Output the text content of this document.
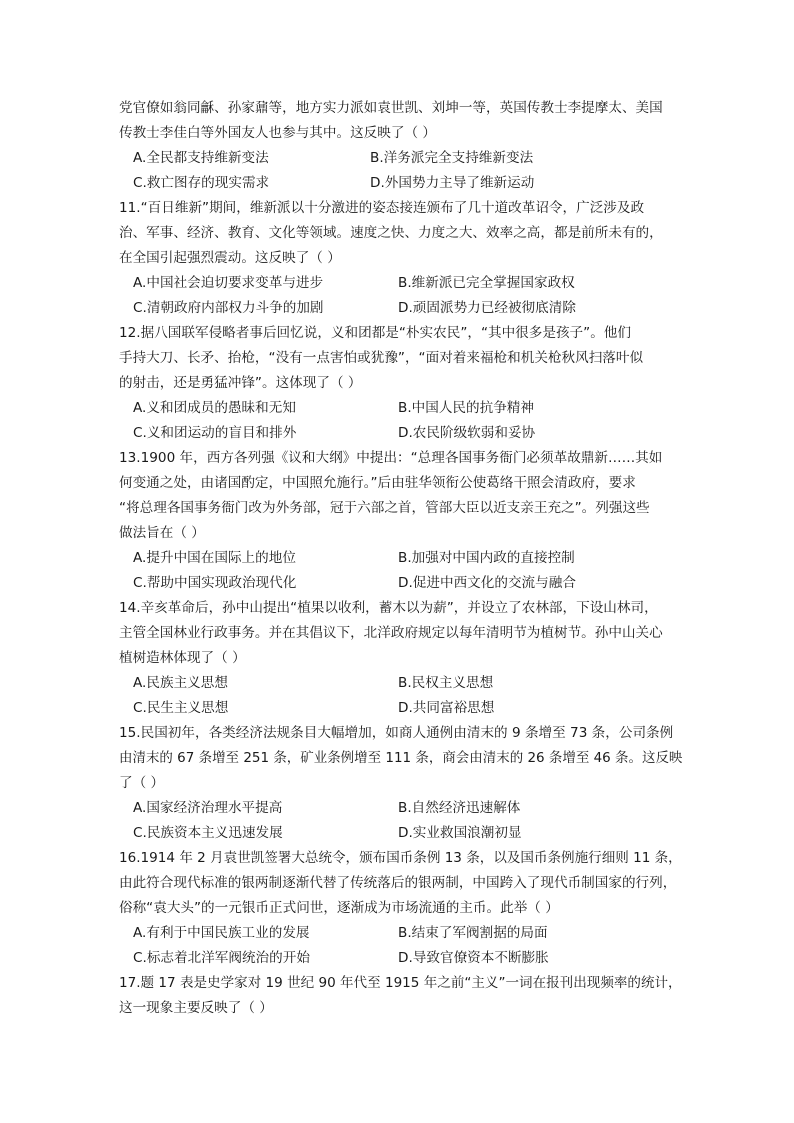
党官僚如翁同龢、孙家鼐等，地方实力派如袁世凯、刘坤一等，英国传教士李提摩太、美国
传教士李佳白等外国友人也参与其中。这反映了（ ）
A.全民都支持维新变法	B.洋务派完全支持维新变法
C.救亡图存的现实需求	D.外国势力主导了维新运动
11.“百日维新”期间，维新派以十分激进的姿态接连颁布了几十道改革诏令，广泛涉及政
治、军事、经济、教育、文化等领域。速度之快、力度之大、效率之高，都是前所未有的，
在全国引起强烈震动。这反映了（ ）
A.中国社会迫切要求变革与进步	B.维新派已完全掌握国家政权
C.清朝政府内部权力斗争的加剧	D.顽固派势力已经被彻底清除
12.据八国联军侵略者事后回忆说，义和团都是“朴实农民”，“其中很多是孩子”。他们
手持大刀、长矛、抬枪，“没有一点害怕或犹豫”，“面对着来福枪和机关枪秋风扫落叶似
的射击，还是勇猛冲锋”。这体现了（ ）
A.义和团成员的愚昧和无知	B.中国人民的抗争精神
C.义和团运动的盲目和排外	D.农民阶级软弱和妥协
13.1900 年，西方各列强《议和大纲》中提出：“总理各国事务衙门必须革故鼎新……其如
何变通之处，由诸国酌定，中国照允施行。”后由驻华领衔公使葛络干照会清政府，要求
“将总理各国事务衙门改为外务部，冠于六部之首，管部大臣以近支亲王充之”。列强这些
做法旨在（ ）
A.提升中国在国际上的地位	B.加强对中国内政的直接控制
C.帮助中国实现政治现代化	D.促进中西文化的交流与融合
14.辛亥革命后，孙中山提出“植果以收利，蓄木以为薪”，并设立了农林部，下设山林司，
主管全国林业行政事务。并在其倡议下，北洋政府规定以每年清明节为植树节。孙中山关心
植树造林体现了（ ）
A.民族主义思想	B.民权主义思想
C.民生主义思想	D.共同富裕思想
15.民国初年，各类经济法规条目大幅增加，如商人通例由清末的 9 条增至 73 条，公司条例
由清末的 67 条增至 251 条，矿业条例增至 111 条，商会由清末的 26 条增至 46 条。这反映
了（ ）
A.国家经济治理水平提高	B.自然经济迅速解体
C.民族资本主义迅速发展	D.实业救国浪潮初显
16.1914 年 2 月袁世凯签署大总统令，颁布国币条例 13 条，以及国币条例施行细则 11 条，
由此符合现代标准的银两制逐渐代替了传统落后的银两制，中国跨入了现代币制国家的行列，
俗称“袁大头”的一元银币正式问世，逐渐成为市场流通的主币。此举（ ）
A.有利于中国民族工业的发展	B.结束了军阀割据的局面
C.标志着北洋军阀统治的开始	D.导致官僚资本不断膨胀
17.题 17 表是史学家对 19 世纪 90 年代至 1915 年之前“主义”一词在报刊出现频率的统计，
这一现象主要反映了（ ）
